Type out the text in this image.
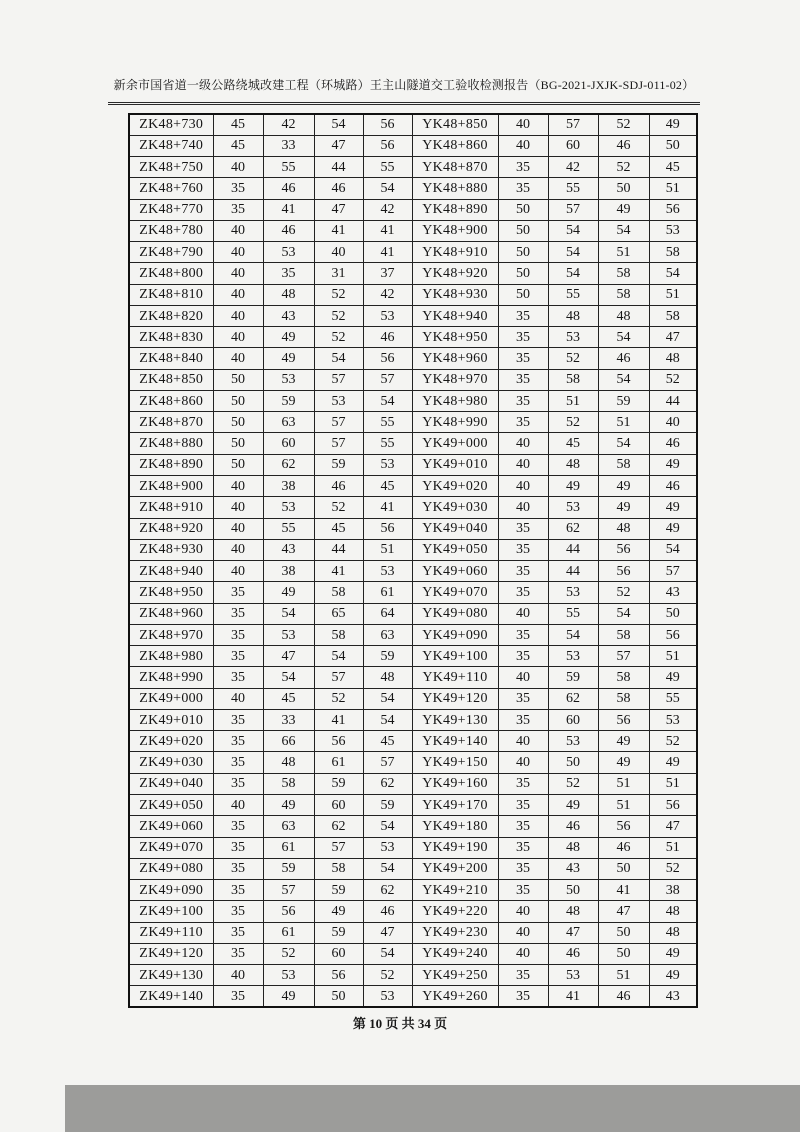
新余市国省道一级公路绕城改建工程（环城路）王主山隧道交工验收检测报告（BG-2021-JXJK-SDJ-011-02）
ZK48+730	45	42	54	56	YK48+850	40	57	52	49
ZK48+740	45	33	47	56	YK48+860	40	60	46	50
ZK48+750	40	55	44	55	YK48+870	35	42	52	45
ZK48+760	35	46	46	54	YK48+880	35	55	50	51
ZK48+770	35	41	47	42	YK48+890	50	57	49	56
ZK48+780	40	46	41	41	YK48+900	50	54	54	53
ZK48+790	40	53	40	41	YK48+910	50	54	51	58
ZK48+800	40	35	31	37	YK48+920	50	54	58	54
ZK48+810	40	48	52	42	YK48+930	50	55	58	51
ZK48+820	40	43	52	53	YK48+940	35	48	48	58
ZK48+830	40	49	52	46	YK48+950	35	53	54	47
ZK48+840	40	49	54	56	YK48+960	35	52	46	48
ZK48+850	50	53	57	57	YK48+970	35	58	54	52
ZK48+860	50	59	53	54	YK48+980	35	51	59	44
ZK48+870	50	63	57	55	YK48+990	35	52	51	40
ZK48+880	50	60	57	55	YK49+000	40	45	54	46
ZK48+890	50	62	59	53	YK49+010	40	48	58	49
ZK48+900	40	38	46	45	YK49+020	40	49	49	46
ZK48+910	40	53	52	41	YK49+030	40	53	49	49
ZK48+920	40	55	45	56	YK49+040	35	62	48	49
ZK48+930	40	43	44	51	YK49+050	35	44	56	54
ZK48+940	40	38	41	53	YK49+060	35	44	56	57
ZK48+950	35	49	58	61	YK49+070	35	53	52	43
ZK48+960	35	54	65	64	YK49+080	40	55	54	50
ZK48+970	35	53	58	63	YK49+090	35	54	58	56
ZK48+980	35	47	54	59	YK49+100	35	53	57	51
ZK48+990	35	54	57	48	YK49+110	40	59	58	49
ZK49+000	40	45	52	54	YK49+120	35	62	58	55
ZK49+010	35	33	41	54	YK49+130	35	60	56	53
ZK49+020	35	66	56	45	YK49+140	40	53	49	52
ZK49+030	35	48	61	57	YK49+150	40	50	49	49
ZK49+040	35	58	59	62	YK49+160	35	52	51	51
ZK49+050	40	49	60	59	YK49+170	35	49	51	56
ZK49+060	35	63	62	54	YK49+180	35	46	56	47
ZK49+070	35	61	57	53	YK49+190	35	48	46	51
ZK49+080	35	59	58	54	YK49+200	35	43	50	52
ZK49+090	35	57	59	62	YK49+210	35	50	41	38
ZK49+100	35	56	49	46	YK49+220	40	48	47	48
ZK49+110	35	61	59	47	YK49+230	40	47	50	48
ZK49+120	35	52	60	54	YK49+240	40	46	50	49
ZK49+130	40	53	56	52	YK49+250	35	53	51	49
ZK49+140	35	49	50	53	YK49+260	35	41	46	43
第 10 页 共 34 页
